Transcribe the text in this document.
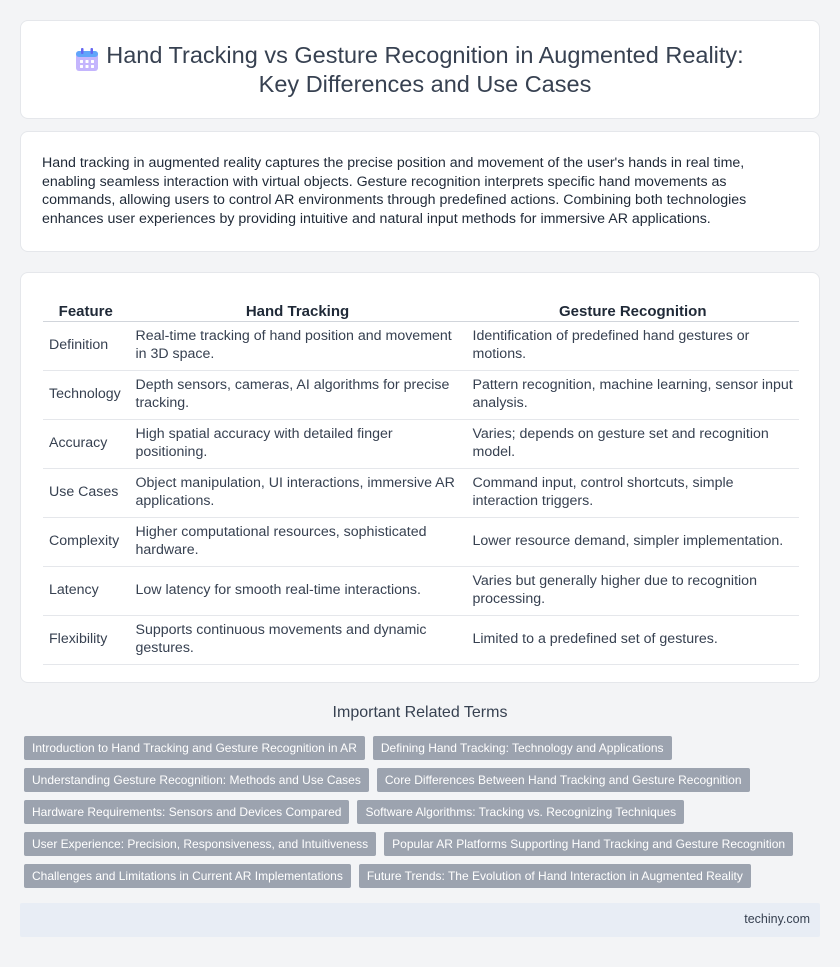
Hand Tracking vs Gesture Recognition in Augmented Reality: Key Differences and Use Cases

Hand tracking in augmented reality captures the precise position and movement of the user's hands in real time, enabling seamless interaction with virtual objects. Gesture recognition interprets specific hand movements as commands, allowing users to control AR environments through predefined actions. Combining both technologies enhances user experiences by providing intuitive and natural input methods for immersive AR applications.

Feature	Hand Tracking	Gesture Recognition
Definition	Real-time tracking of hand position and movement in 3D space.	Identification of predefined hand gestures or motions.
Technology	Depth sensors, cameras, AI algorithms for precise tracking.	Pattern recognition, machine learning, sensor input analysis.
Accuracy	High spatial accuracy with detailed finger positioning.	Varies; depends on gesture set and recognition model.
Use Cases	Object manipulation, UI interactions, immersive AR applications.	Command input, control shortcuts, simple interaction triggers.
Complexity	Higher computational resources, sophisticated hardware.	Lower resource demand, simpler implementation.
Latency	Low latency for smooth real-time interactions.	Varies but generally higher due to recognition processing.
Flexibility	Supports continuous movements and dynamic gestures.	Limited to a predefined set of gestures.
Important Related Terms
Introduction to Hand Tracking and Gesture Recognition in AR	Defining Hand Tracking: Technology and Applications
Understanding Gesture Recognition: Methods and Use Cases	Core Differences Between Hand Tracking and Gesture Recognition
Hardware Requirements: Sensors and Devices Compared	Software Algorithms: Tracking vs. Recognizing Techniques
User Experience: Precision, Responsiveness, and Intuitiveness	Popular AR Platforms Supporting Hand Tracking and Gesture Recognition
Challenges and Limitations in Current AR Implementations	Future Trends: The Evolution of Hand Interaction in Augmented Reality
techiny.com
